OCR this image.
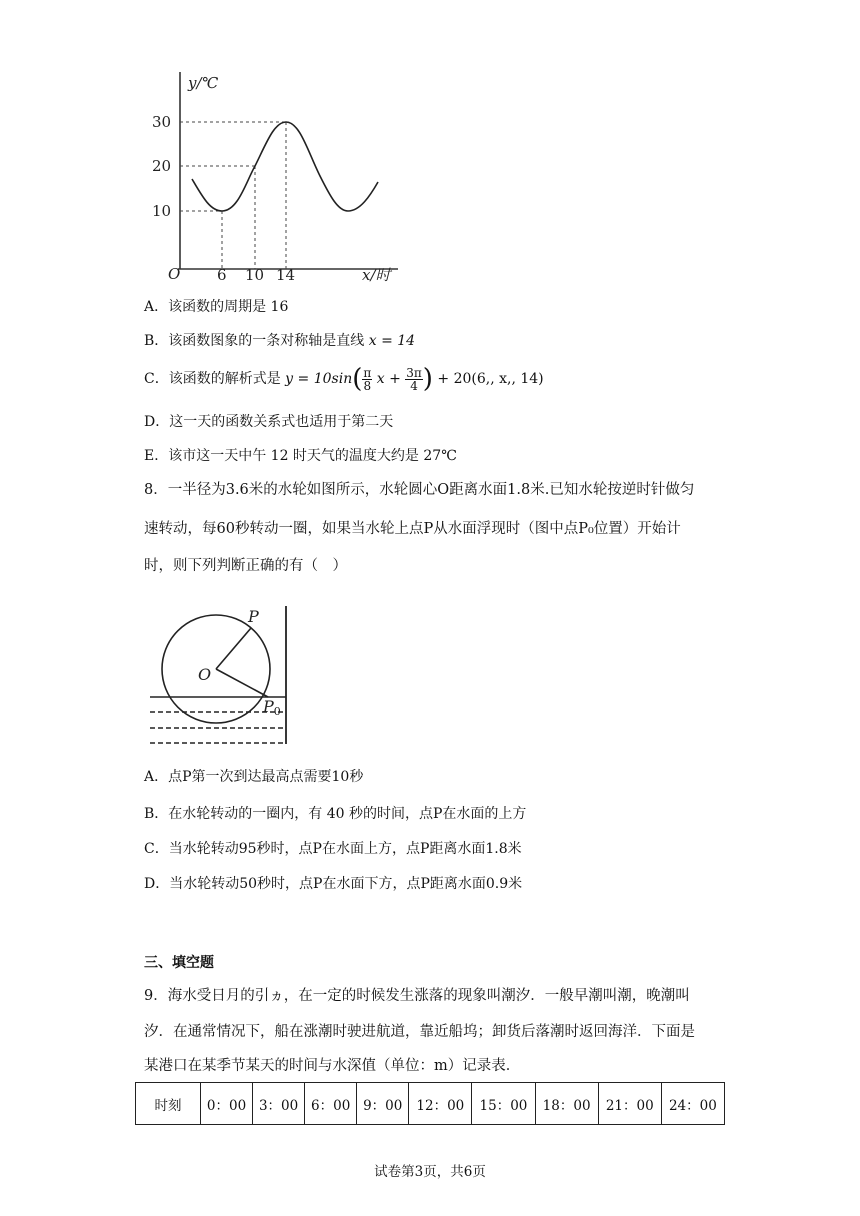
y/℃
30
20
10
O 6 10 14	x/时
A．该函数的周期是 16
B．该函数图象的一条对称轴是直线 x = 14
C．该函数的解析式是 $y = 10\sin( \frac{\pi}{8}$ $x + \frac{3\pi}{4}$ ) + 20(6,, x,, 14)
D．这一天的函数关系式也适用于第二天
E．该市这一天中午 12 时天气的温度大约是 27℃
8．一半径为3.6米的水轮如图所示，水轮圆心O距离水面1.8米.已知水轮按逆时针做匀
速转动，每60秒转动一圈，如果当水轮上点P从水面浮现时（图中点P₀位置）开始计
时，则下列判断正确的有（　）
P
O
P0
A．点P第一次到达最高点需要10秒
B．在水轮转动的一圈内，有 40 秒的时间，点P在水面的上方
C．当水轮转动95秒时，点P在水面上方，点P距离水面1.8米
D．当水轮转动50秒时，点P在水面下方，点P距离水面0.9米
三、填空题
9．海水受日月的引ヵ，在一定的时候发生涨落的现象叫潮汐．一般早潮叫潮，晚潮叫
汐．在通常情况下，船在涨潮时驶进航道，靠近船坞；卸货后落潮时返回海洋．下面是
某港口在某季节某天的时间与水深值（单位：m）记录表．
时刻	0：00	3：00	6：00	9：00	12：00	15：00	18：00	21：00	24：00
试卷第3页，共6页
